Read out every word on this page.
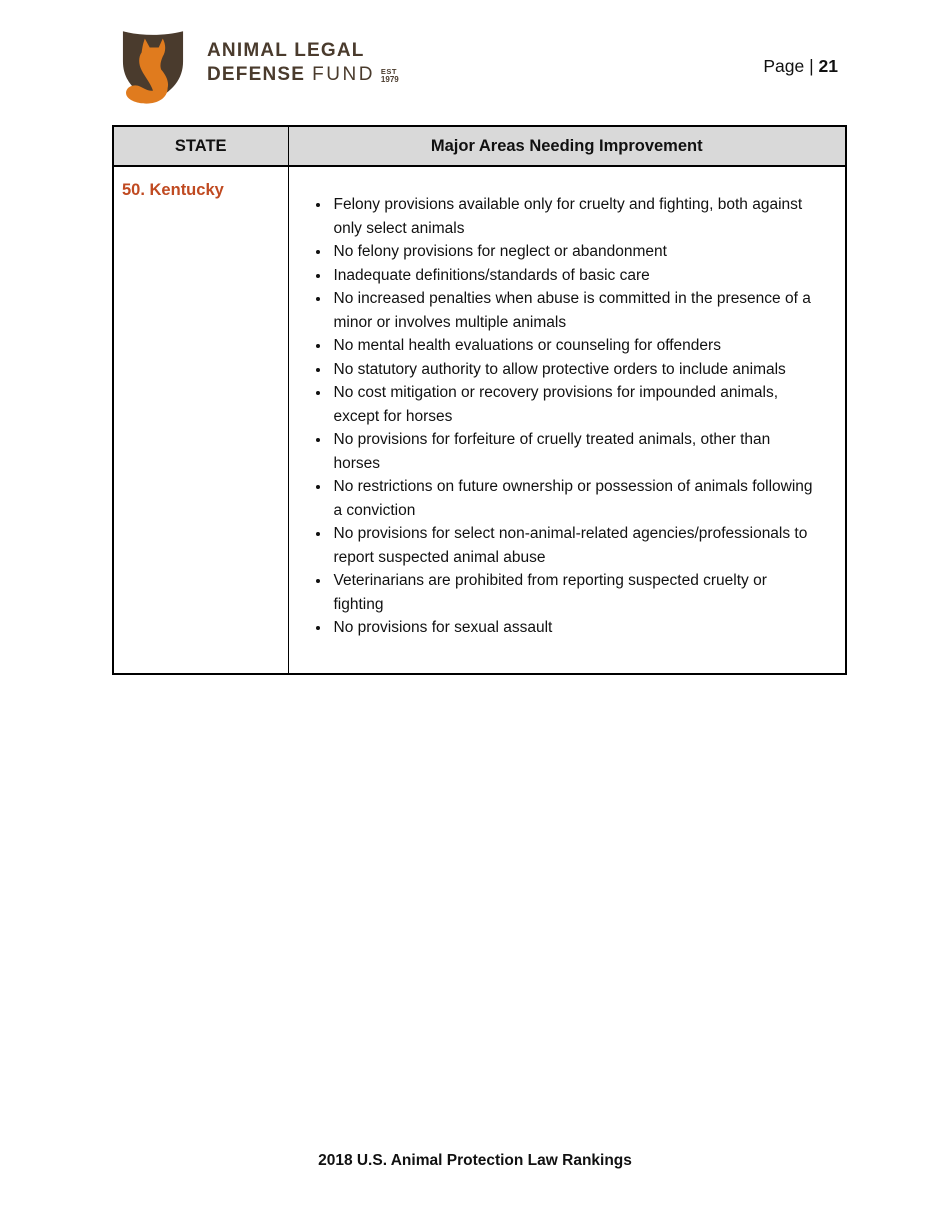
ANIMAL LEGAL
DEFENSE FUND EST
1979
Page | 21
STATE	Major Areas Needing Improvement
50. Kentucky	
• Felony provisions available only for cruelty and fighting, both against only select animals
• No felony provisions for neglect or abandonment
• Inadequate definitions/standards of basic care
• No increased penalties when abuse is committed in the presence of a minor or involves multiple animals
• No mental health evaluations or counseling for offenders
• No statutory authority to allow protective orders to include animals
• No cost mitigation or recovery provisions for impounded animals, except for horses
• No provisions for forfeiture of cruelly treated animals, other than horses
• No restrictions on future ownership or possession of animals following a conviction
• No provisions for select non-animal-related agencies/professionals to report suspected animal abuse
• Veterinarians are prohibited from reporting suspected cruelty or fighting
• No provisions for sexual assault
2018 U.S. Animal Protection Law Rankings
